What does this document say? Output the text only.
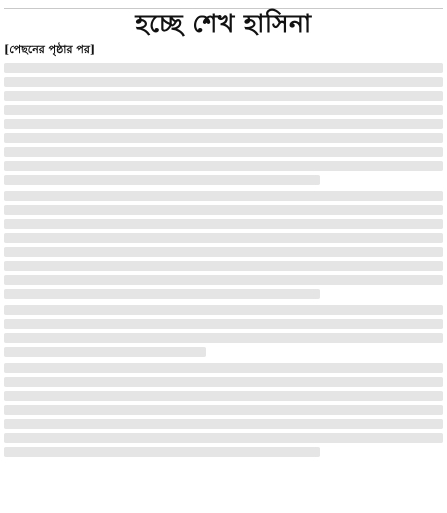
হচ্ছে শেখ হাসিনা
[পেছনের পৃষ্ঠার পর]
